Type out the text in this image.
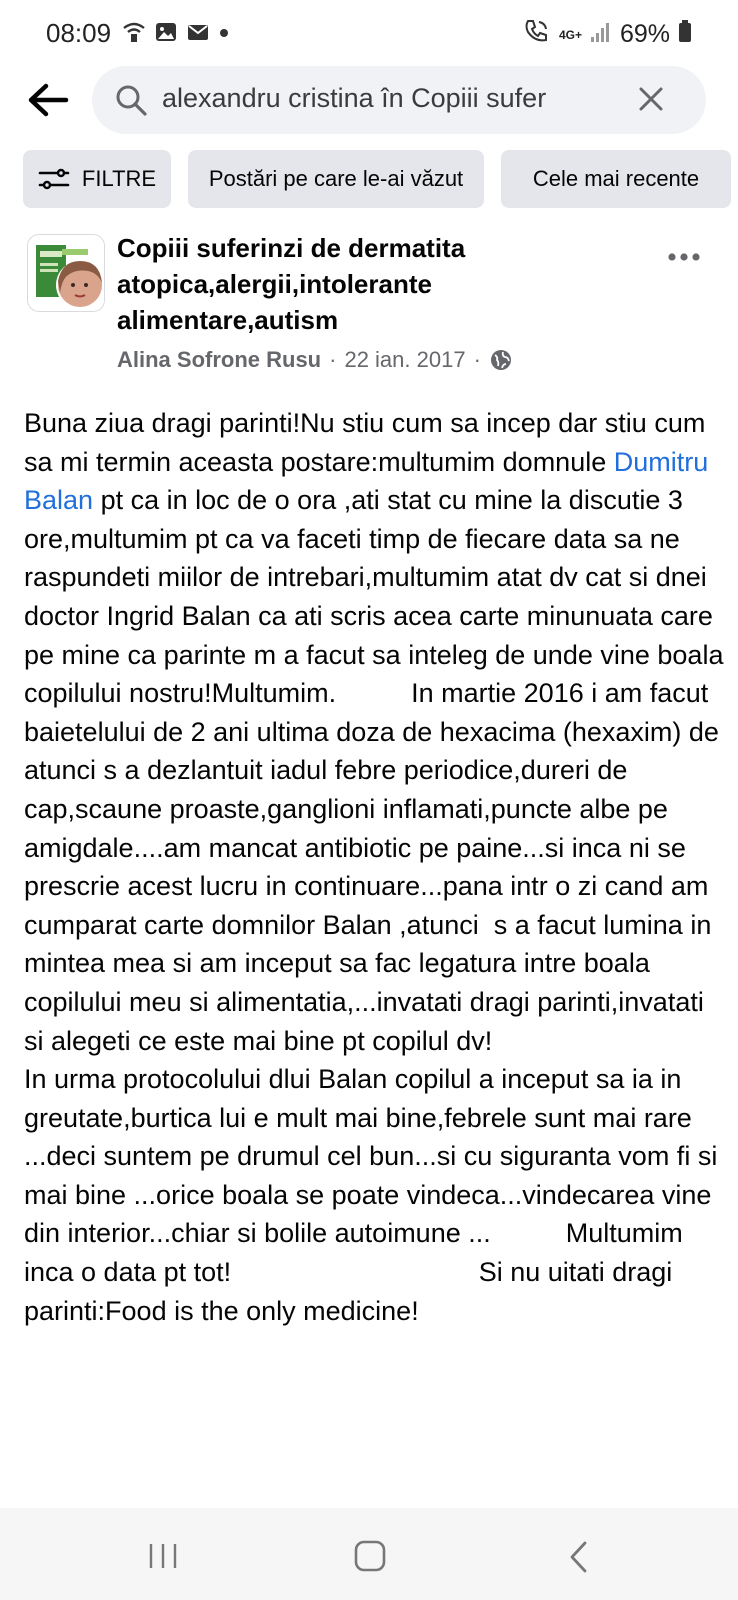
08:09	4G+ 69%
alexandru cristina în Copiii sufer
FILTRE Postări pe care le-ai văzut	Cele mai recente
Copiii suferinzi de dermatita atopica,alergii,intolerante alimentare,autism
Alina Sofrone Rusu · 22 ian. 2017 ·
Buna ziua dragi parinti!Nu stiu cum sa incep dar stiu cum sa mi termin aceasta postare:multumim domnule Dumitru Balan pt ca in loc de o ora ,ati stat cu mine la discutie 3 ore,multumim pt ca va faceti timp de fiecare data sa ne raspundeti miilor de intrebari,multumim atat dv cat si dnei doctor Ingrid Balan ca ati scris acea carte minunuata care pe mine ca parinte m a facut sa inteleg de unde vine boala copilului nostru!Multumim.          In martie 2016 i am facut baietelului de 2 ani ultima doza de hexacima (hexaxim) de atunci s a dezlantuit iadul febre periodice,dureri de cap,scaune proaste,ganglioni inflamati,puncte albe pe amigdale....am mancat antibiotic pe paine...si inca ni se prescrie acest lucru in continuare...pana intr o zi cand am cumparat carte domnilor Balan ,atunci  s a facut lumina in mintea mea si am inceput sa fac legatura intre boala copilului meu si alimentatia,...invatati dragi parinti,invatati si alegeti ce este mai bine pt copilul dv!
In urma protocolului dlui Balan copilul a inceput sa ia in greutate,burtica lui e mult mai bine,febrele sunt mai rare ...deci suntem pe drumul cel bun...si cu siguranta vom fi si mai bine ...orice boala se poate vindeca...vindecarea vine din interior...chiar si bolile autoimune ...          Multumim inca o data pt tot!                                 Si nu uitati dragi parinti:Food is the only medicine!
